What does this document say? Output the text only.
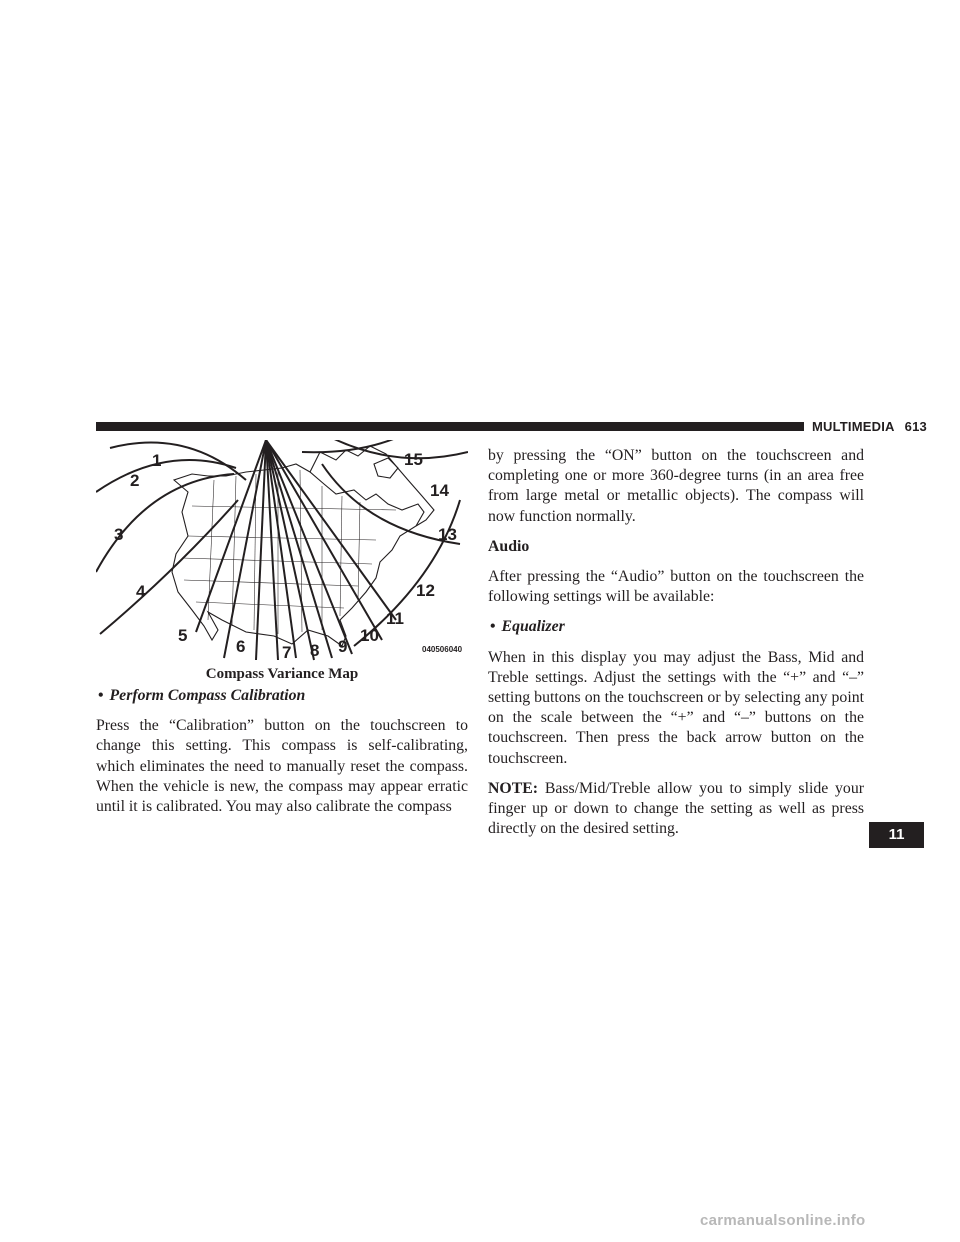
MULTIMEDIA 613
1
2
3
4
5
6 7 8 9
10
11
12
13
14
15
040506040
Compass Variance Map
• Perform Compass Calibration

Press the “Calibration” button on the touchscreen to change this setting. This compass is self-calibrating, which eliminates the need to manually reset the compass. When the vehicle is new, the compass may appear erratic until it is calibrated. You may also calibrate the compass

by pressing the “ON” button on the touchscreen and completing one or more 360-degree turns (in an area free from large metal or metallic objects). The compass will now function normally.

Audio

After pressing the “Audio” button on the touchscreen the following settings will be available:

• Equalizer

When in this display you may adjust the Bass, Mid and Treble settings. Adjust the settings with the “+” and “–” setting buttons on the touchscreen or by selecting any point on the scale between the “+” and “–” buttons on the touchscreen. Then press the back arrow button on the touchscreen.

NOTE: Bass/Mid/Treble allow you to simply slide your finger up or down to change the setting as well as press directly on the desired setting.	11
carmanualsonline.info
